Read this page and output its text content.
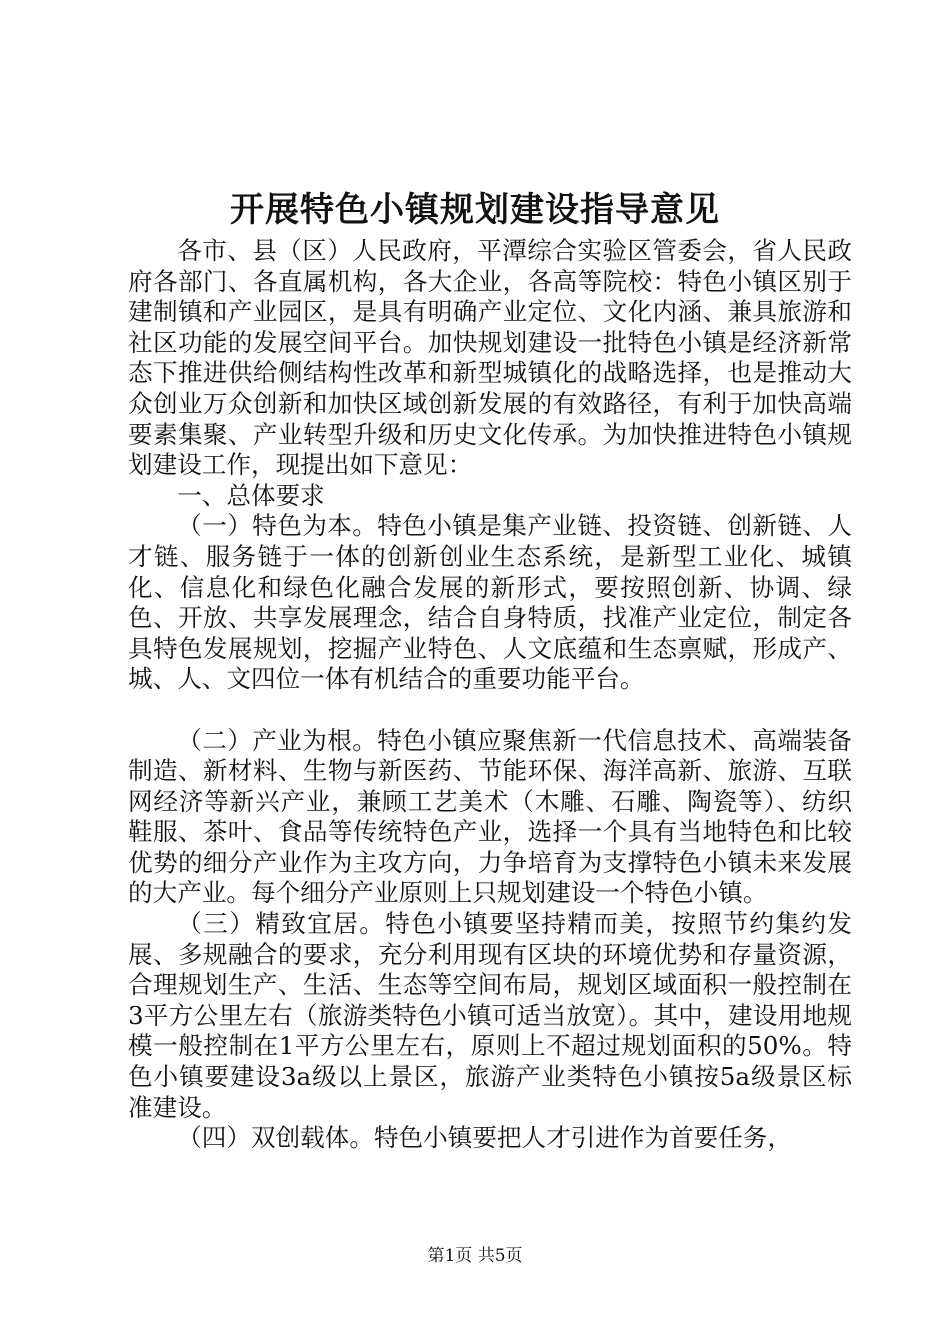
开展特色小镇规划建设指导意见

各市、县（区）人民政府，平潭综合实验区管委会，省人民政府各部门、各直属机构，各大企业，各高等院校：特色小镇区别于建制镇和产业园区，是具有明确产业定位、文化内涵、兼具旅游和社区功能的发展空间平台。加快规划建设一批特色小镇是经济新常态下推进供给侧结构性改革和新型城镇化的战略选择，也是推动大众创业万众创新和加快区域创新发展的有效路径，有利于加快高端要素集聚、产业转型升级和历史文化传承。为加快推进特色小镇规划建设工作，现提出如下意见：

一、总体要求

（一）特色为本。特色小镇是集产业链、投资链、创新链、人才链、服务链于一体的创新创业生态系统，是新型工业化、城镇化、信息化和绿色化融合发展的新形式，要按照创新、协调、绿色、开放、共享发展理念，结合自身特质，找准产业定位，制定各具特色发展规划，挖掘产业特色、人文底蕴和生态禀赋，形成产、城、人、文四位一体有机结合的重要功能平台。

（二）产业为根。特色小镇应聚焦新一代信息技术、高端装备制造、新材料、生物与新医药、节能环保、海洋高新、旅游、互联网经济等新兴产业，兼顾工艺美术（木雕、石雕、陶瓷等）、纺织鞋服、茶叶、食品等传统特色产业，选择一个具有当地特色和比较优势的细分产业作为主攻方向，力争培育为支撑特色小镇未来发展的大产业。每个细分产业原则上只规划建设一个特色小镇。

（三）精致宜居。特色小镇要坚持精而美，按照节约集约发展、多规融合的要求，充分利用现有区块的环境优势和存量资源，合理规划生产、生活、生态等空间布局，规划区域面积一般控制在3平方公里左右（旅游类特色小镇可适当放宽）。其中，建设用地规模一般控制在1平方公里左右，原则上不超过规划面积的50%。特色小镇要建设3a级以上景区，旅游产业类特色小镇按5a级景区标准建设。

（四）双创载体。特色小镇要把人才引进作为首要任务，

第1页 共5页
